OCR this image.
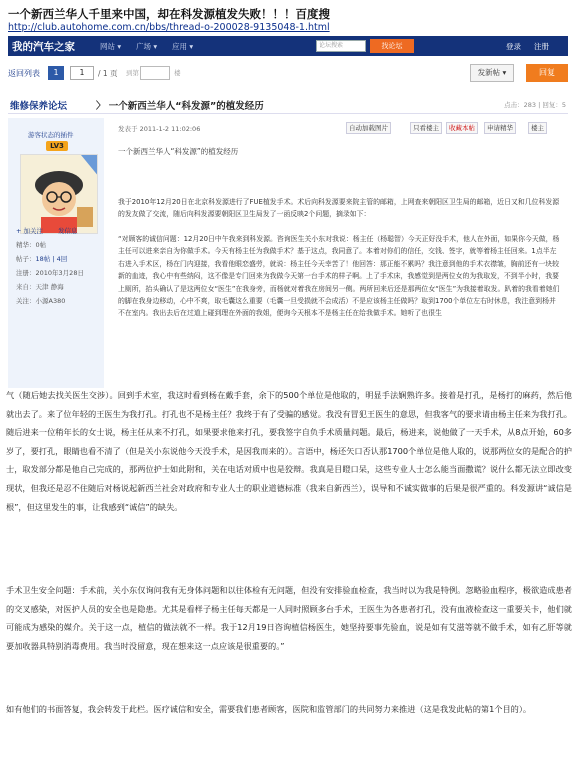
一个新西兰华人千里来中国，却在科发源植发失败！！！百度搜
http://club.autohome.com.cn/bbs/thread-o-200028-9135048-1.html
我的汽车之家	网站 ▾ 广场 ▾ 应用 ▾	论坛搜索	找论坛	登录 注册
返回列表	1	1	/ 1 页 到第	楼	发新帖 ▾	回复
维修保养论坛	〉 一个新西兰华人“科发源”的植发经历	点击：283 | 回复：5
游客状态的插件
LV3
+ 加关注 发信息
精华：0帖
帖子：18帖 | 4回
注册：2010年3月28日
来自：天津 静海
关注：小源A380
发表于 2011-1-2 11:02:06	自动加载图片	只看楼主	收藏本帖	申请精华	楼主
一个新西兰华人“科发源”的植发经历

我于2010年12月20日在北京科发源进行了FUE植发手术。术后向科发源要来院主管的邮箱，上网查来朝阳区卫生局的邮箱，近日又和几位科发源的发友做了交流，随后向科发源要朝阳区卫生局发了一函反映2个问题，摘录如下：

“对顾客的诚信问题：12月20日中午我来到科发源。咨询医生关小东对我说：杨主任（杨聪智）今天正好没手术，他人在外面，如果你今天做，杨主任可以进来亲自为你做手术。今天有杨主任为我做手术？基于这点，我同意了。本着对你们的信任，交钱、签字，就等着杨主任回来。1点半左右进入手术区，杨在门内迎接，我看他眼恋盛劳，就说：杨主任今天幸苦了！他回答：那正能不累吗？我注意到他的手术衣襟皱，胸前还有一块较新的血迹，我心中有些纳闷，这不像是专门回来为我做今天第一台手术的样子啊。上了手术床，我感觉到是两位女的为我取发，不到半小时，我要上厕所，抬头确认了是这两位女“医生”在我身旁，而杨就对着我在房间另一侧。两所回来后还是那两位女“医生”为我接着取发。趴着的我看着她们的脚在我身边移动，心中不爽，取毛囊这么重要（毛囊一旦受损就不会成活）不是应该杨主任做吗？取到1700个单位左右时休息，我注意到杨并不在室内。我出去后在过道上碰到理在外面的我姐，便询今天根本不是杨主任在给我做手术。她听了也很生

气（随后她去找关医生交涉）。回到手术室，我这时看到杨在戴手套，余下的500个单位是他取的，明显手法娴熟许多。接着是打孔，是杨打的麻药，然后他就出去了。来了位年轻的王医生为我打孔。打孔也不是杨主任？我终于有了受骗的感觉。我没有冒犯王医生的意思，但我客气的要求请由杨主任来为我打孔。随后进来一位稍年长的女士说，杨主任从来不打孔，如果要求他来打孔，要我签字自负手术质量问题。最后，杨进来，说他做了一天手术，从8点开始，60多岁了，要打孔，眼睛也看不清了（但是关小东说他今天没手术，是因我而来的）。言语中，杨还矢口否认那1700个单位是他人取的，说那两位女的是配合的护士，取发部分都是他自己完成的，那两位护士如此附和，关在电话对质中也是狡辩。我真是目瞪口呆，这些专业人士怎么能当面撒谎？说什么都无法立即改变现状，但我还是忍不住随后对杨说起新西兰社会对政府和专业人士的职业道德标准（我来自新西兰），误导和不诚实做事的后果是很严重的。科发源讲“诚信是根”，但这里发生的事，让我感到“诚信”的缺失。

手术卫生安全问题：手术前，关小东仅询问我有无身体问题和以往体检有无问题，但没有安排验血检查，我当时以为我是特例。忽略验血程序，极欲造成患者的交叉感染，对医护人员的安全也是隐患。尤其是看样子杨主任每天都是一人同时照顾多台手术，王医生为各患者打孔，没有血液检查这一重要关卡，他们就可能成为感染的媒介。关于这一点，植信的做法就不一样。我于12月19日咨询植信杨医生，她坚持要事先验血，说是如有艾滋等就不做手术，如有乙肝等就要加收器具特别消毒费用。我当时没留意，现在想来这一点应该是很重要的。”

如有他们的书面答复，我会转发于此栏。医疗诚信和安全，需要我们患者顾客，医院和监管部门的共同努力来推进（这是我发此帖的第1个目的）。
